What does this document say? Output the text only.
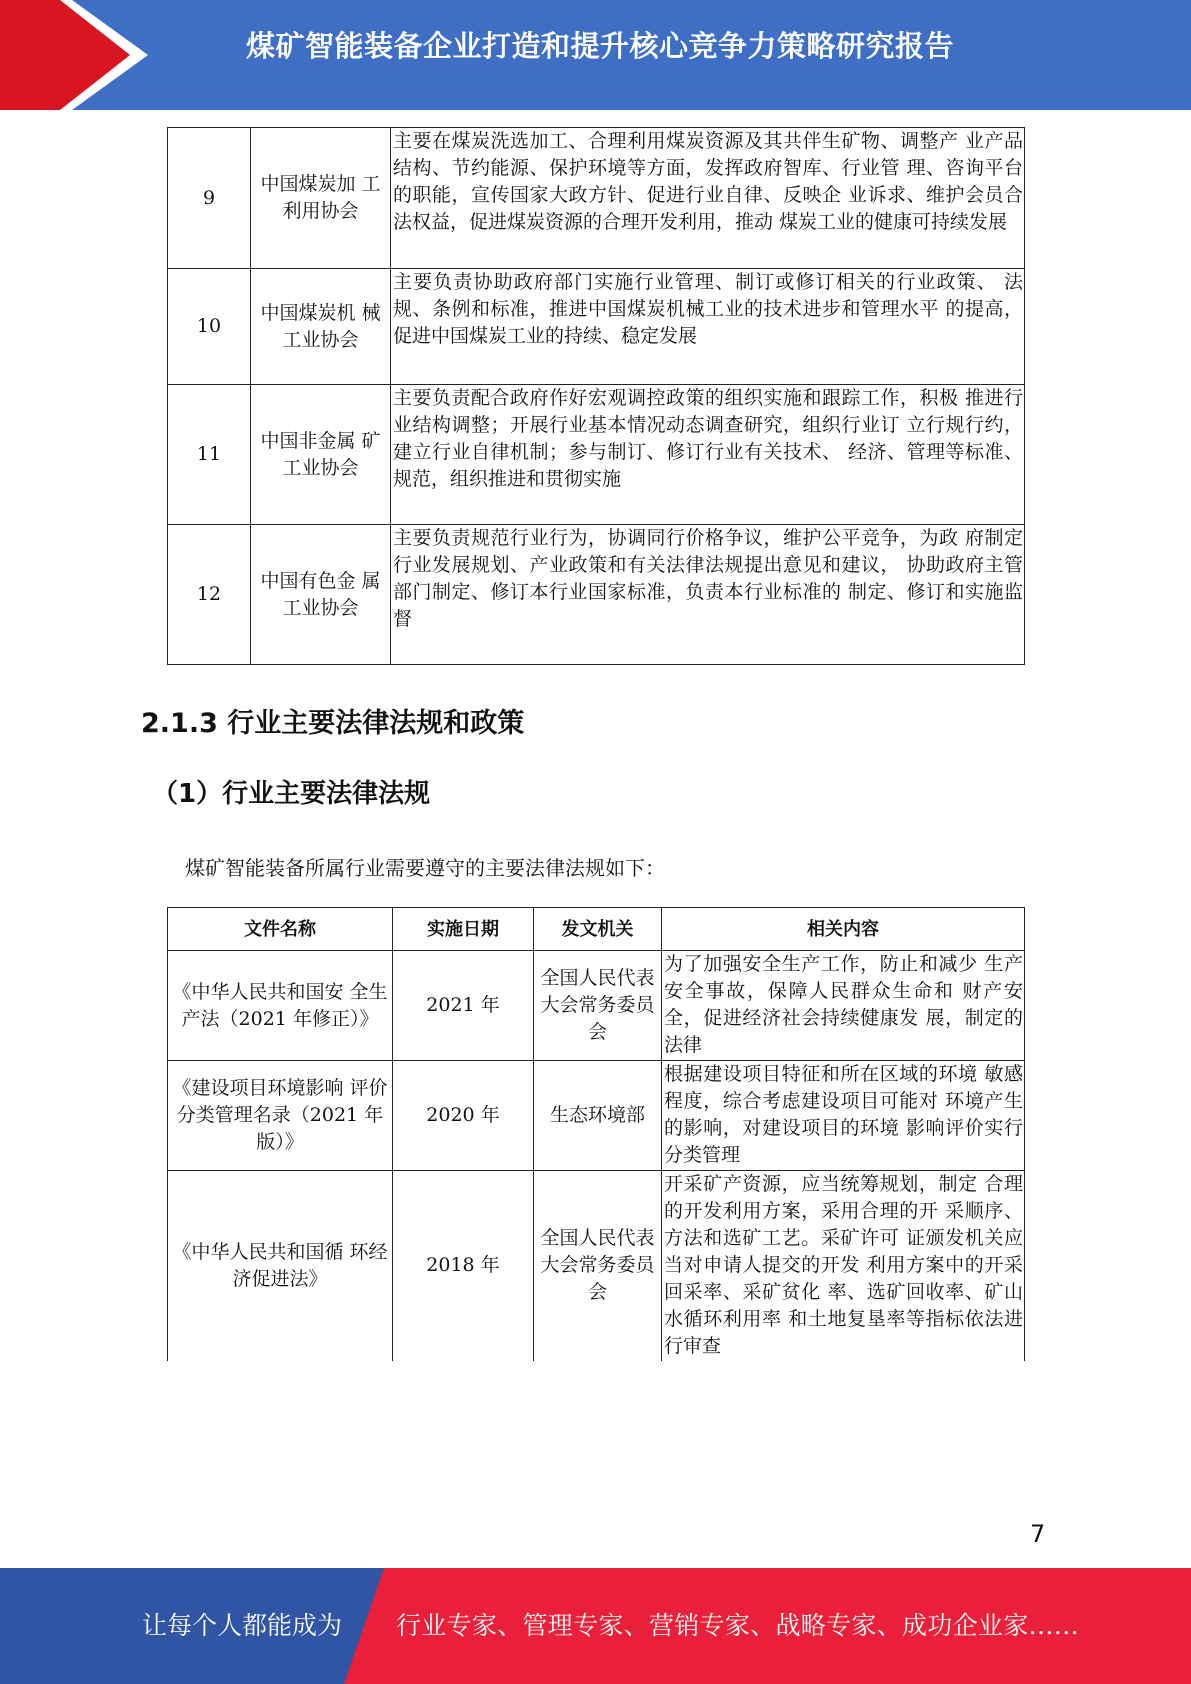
煤矿智能装备企业打造和提升核心竞争力策略研究报告
9	中国煤炭加 工利用协会	主要在煤炭洗选加工、合理利用煤炭资源及其共伴生矿物、调整产 业产品结构、节约能源、保护环境等方面，发挥政府智库、行业管 理、咨询平台的职能，宣传国家大政方针、促进行业自律、反映企 业诉求、维护会员合法权益，促进煤炭资源的合理开发利用，推动 煤炭工业的健康可持续发展
10	中国煤炭机 械工业协会	主要负责协助政府部门实施行业管理、制订或修订相关的行业政策、 法规、条例和标准，推进中国煤炭机械工业的技术进步和管理水平 的提高，促进中国煤炭工业的持续、稳定发展
11	中国非金属 矿工业协会	主要负责配合政府作好宏观调控政策的组织实施和跟踪工作，积极 推进行业结构调整；开展行业基本情况动态调查研究，组织行业订 立行规行约，建立行业自律机制；参与制订、修订行业有关技术、 经济、管理等标准、规范，组织推进和贯彻实施
12	中国有色金 属工业协会	主要负责规范行业行为，协调同行价格争议，维护公平竞争，为政 府制定行业发展规划、产业政策和有关法律法规提出意见和建议， 协助政府主管部门制定、修订本行业国家标准，负责本行业标准的 制定、修订和实施监督
2.1.3 行业主要法律法规和政策
（1）行业主要法律法规
煤矿智能装备所属行业需要遵守的主要法律法规如下：
文件名称	实施日期	发文机关	相关内容
《中华人民共和国安 全生产法（2021 年修正）》	2021 年	全国人民代表大会常务委员会	为了加强安全生产工作，防止和减少 生产安全事故，保障人民群众生命和 财产安全，促进经济社会持续健康发 展，制定的法律
《建设项目环境影响 评价分类管理名录（2021 年版）》	2020 年	生态环境部	根据建设项目特征和所在区域的环境 敏感程度，综合考虑建设项目可能对 环境产生的影响，对建设项目的环境 影响评价实行分类管理
《中华人民共和国循 环经济促进法》	2018 年	全国人民代表大会常务委员会	开采矿产资源，应当统筹规划，制定 合理的开发利用方案，采用合理的开 采顺序、方法和选矿工艺。采矿许可 证颁发机关应当对申请人提交的开发 利用方案中的开采回采率、采矿贫化 率、选矿回收率、矿山水循环利用率 和土地复垦率等指标依法进行审查
7
让每个人都能成为 行业专家、管理专家、营销专家、战略专家、成功企业家……
